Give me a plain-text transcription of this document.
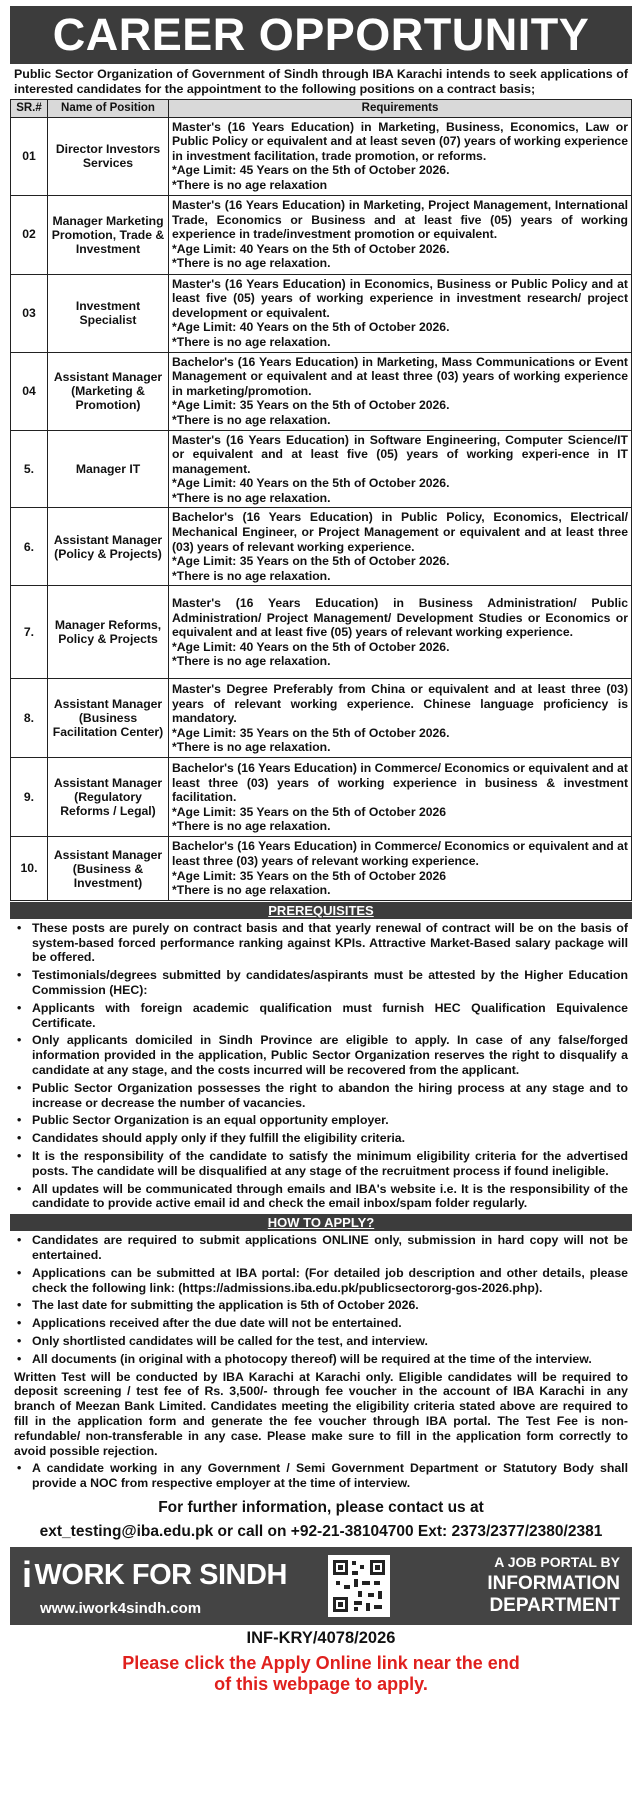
CAREER OPPORTUNITY
Public Sector Organization of Government of Sindh through IBA Karachi intends to seek applications of interested candidates for the appointment to the following positions on a contract basis;
SR.#	Name of Position	Requirements
01	Director Investors Services	Master's (16 Years Education) in Marketing, Business, Economics, Law or Public Policy or equivalent and at least seven (07) years of working experience in investment facilitation, trade promotion, or reforms.
*Age Limit: 45 Years on the 5th of October 2026.
*There is no age relaxation

02	Manager Marketing Promotion, Trade & Investment	Master's (16 Years Education) in Marketing, Project Management, International Trade, Economics or Business and at least five (05) years of working experience in trade/investment promotion or equivalent.
*Age Limit: 40 Years on the 5th of October 2026.
*There is no age relaxation.

03	Investment Specialist	Master's (16 Years Education) in Economics, Business or Public Policy and at least five (05) years of working experience in investment research/ project development or equivalent.
*Age Limit: 40 Years on the 5th of October 2026.
*There is no age relaxation.

04	Assistant Manager (Marketing & Promotion)	Bachelor's (16 Years Education) in Marketing, Mass Communications or Event Management or equivalent and at least three (03) years of working experience in marketing/promotion.
*Age Limit: 35 Years on the 5th of October 2026.
*There is no age relaxation.

5.	Manager IT	Master's (16 Years Education) in Software Engineering, Computer Science/IT or equivalent and at least five (05) years of working experi-ence in IT management.
*Age Limit: 40 Years on the 5th of October 2026.
*There is no age relaxation.

6.	Assistant Manager (Policy & Projects)	Bachelor's (16 Years Education) in Public Policy, Economics, Electrical/ Mechanical Engineer, or Project Management or equivalent and at least three (03) years of relevant working experience.
*Age Limit: 35 Years on the 5th of October 2026.
*There is no age relaxation.

7.	Manager Reforms, Policy & Projects	Master's (16 Years Education) in Business Administration/ Public Administration/ Project Management/ Development Studies or Economics or equivalent and at least five (05) years of relevant working experience.
*Age Limit: 40 Years on the 5th of October 2026.
*There is no age relaxation.

8.	Assistant Manager (Business Facilitation Center)	Master's Degree Preferably from China or equivalent and at least three (03) years of relevant working experience. Chinese language proficiency is mandatory.
*Age Limit: 35 Years on the 5th of October 2026.
*There is no age relaxation.

9.	Assistant Manager (Regulatory Reforms / Legal)	Bachelor's (16 Years Education) in Commerce/ Economics or equivalent and at least three (03) years of working experience in business & investment facilitation.
*Age Limit: 35 Years on the 5th of October 2026
*There is no age relaxation.

10.	Assistant Manager (Business & Investment)	Bachelor's (16 Years Education) in Commerce/ Economics or equivalent and at least three (03) years of relevant working experience.
*Age Limit: 35 Years on the 5th of October 2026
*There is no age relaxation.
PREREQUISITES
• These posts are purely on contract basis and that yearly renewal of contract will be on the basis of system-based forced performance ranking against KPIs. Attractive Market-Based salary package will be offered.
• Testimonials/degrees submitted by candidates/aspirants must be attested by the Higher Education Commission (HEC):
• Applicants with foreign academic qualification must furnish HEC Qualification Equivalence Certificate.
• Only applicants domiciled in Sindh Province are eligible to apply. In case of any false/forged information provided in the application, Public Sector Organization reserves the right to disqualify a candidate at any stage, and the costs incurred will be recovered from the applicant.
• Public Sector Organization possesses the right to abandon the hiring process at any stage and to increase or decrease the number of vacancies.
• Public Sector Organization is an equal opportunity employer.
• Candidates should apply only if they fulfill the eligibility criteria.
• It is the responsibility of the candidate to satisfy the minimum eligibility criteria for the advertised posts. The candidate will be disqualified at any stage of the recruitment process if found ineligible.
• All updates will be communicated through emails and IBA's website i.e. It is the responsibility of the candidate to provide active email id and check the email inbox/spam folder regularly.
HOW TO APPLY?
• Candidates are required to submit applications ONLINE only, submission in hard copy will not be entertained.
• Applications can be submitted at IBA portal: (For detailed job description and other details, please check the following link: (https://admissions.iba.edu.pk/publicsectororg-gos-2026.php).
• The last date for submitting the application is 5th of October 2026.
• Applications received after the due date will not be entertained.
• Only shortlisted candidates will be called for the test, and interview.
• All documents (in original with a photocopy thereof) will be required at the time of the interview.
Written Test will be conducted by IBA Karachi at Karachi only. Eligible candidates will be required to deposit screening / test fee of Rs. 3,500/- through fee voucher in the account of IBA Karachi in any branch of Meezan Bank Limited. Candidates meeting the eligibility criteria stated above are required to fill in the application form and generate the fee voucher through IBA portal. The Test Fee is non-refundable/ non-transferable in any case. Please make sure to fill in the application form correctly to avoid possible rejection.
• A candidate working in any Government / Semi Government Department or Statutory Body shall provide a NOC from respective employer at the time of interview.
For further information, please contact us at
ext_testing@iba.edu.pk or call on +92-21-38104700 Ext: 2373/2377/2380/2381
i WORK FOR SINDH
www.iwork4sindh.com
A JOB PORTAL BY
INFORMATION DEPARTMENT
INF-KRY/4078/2026
Please click the Apply Online link near the end
of this webpage to apply.
